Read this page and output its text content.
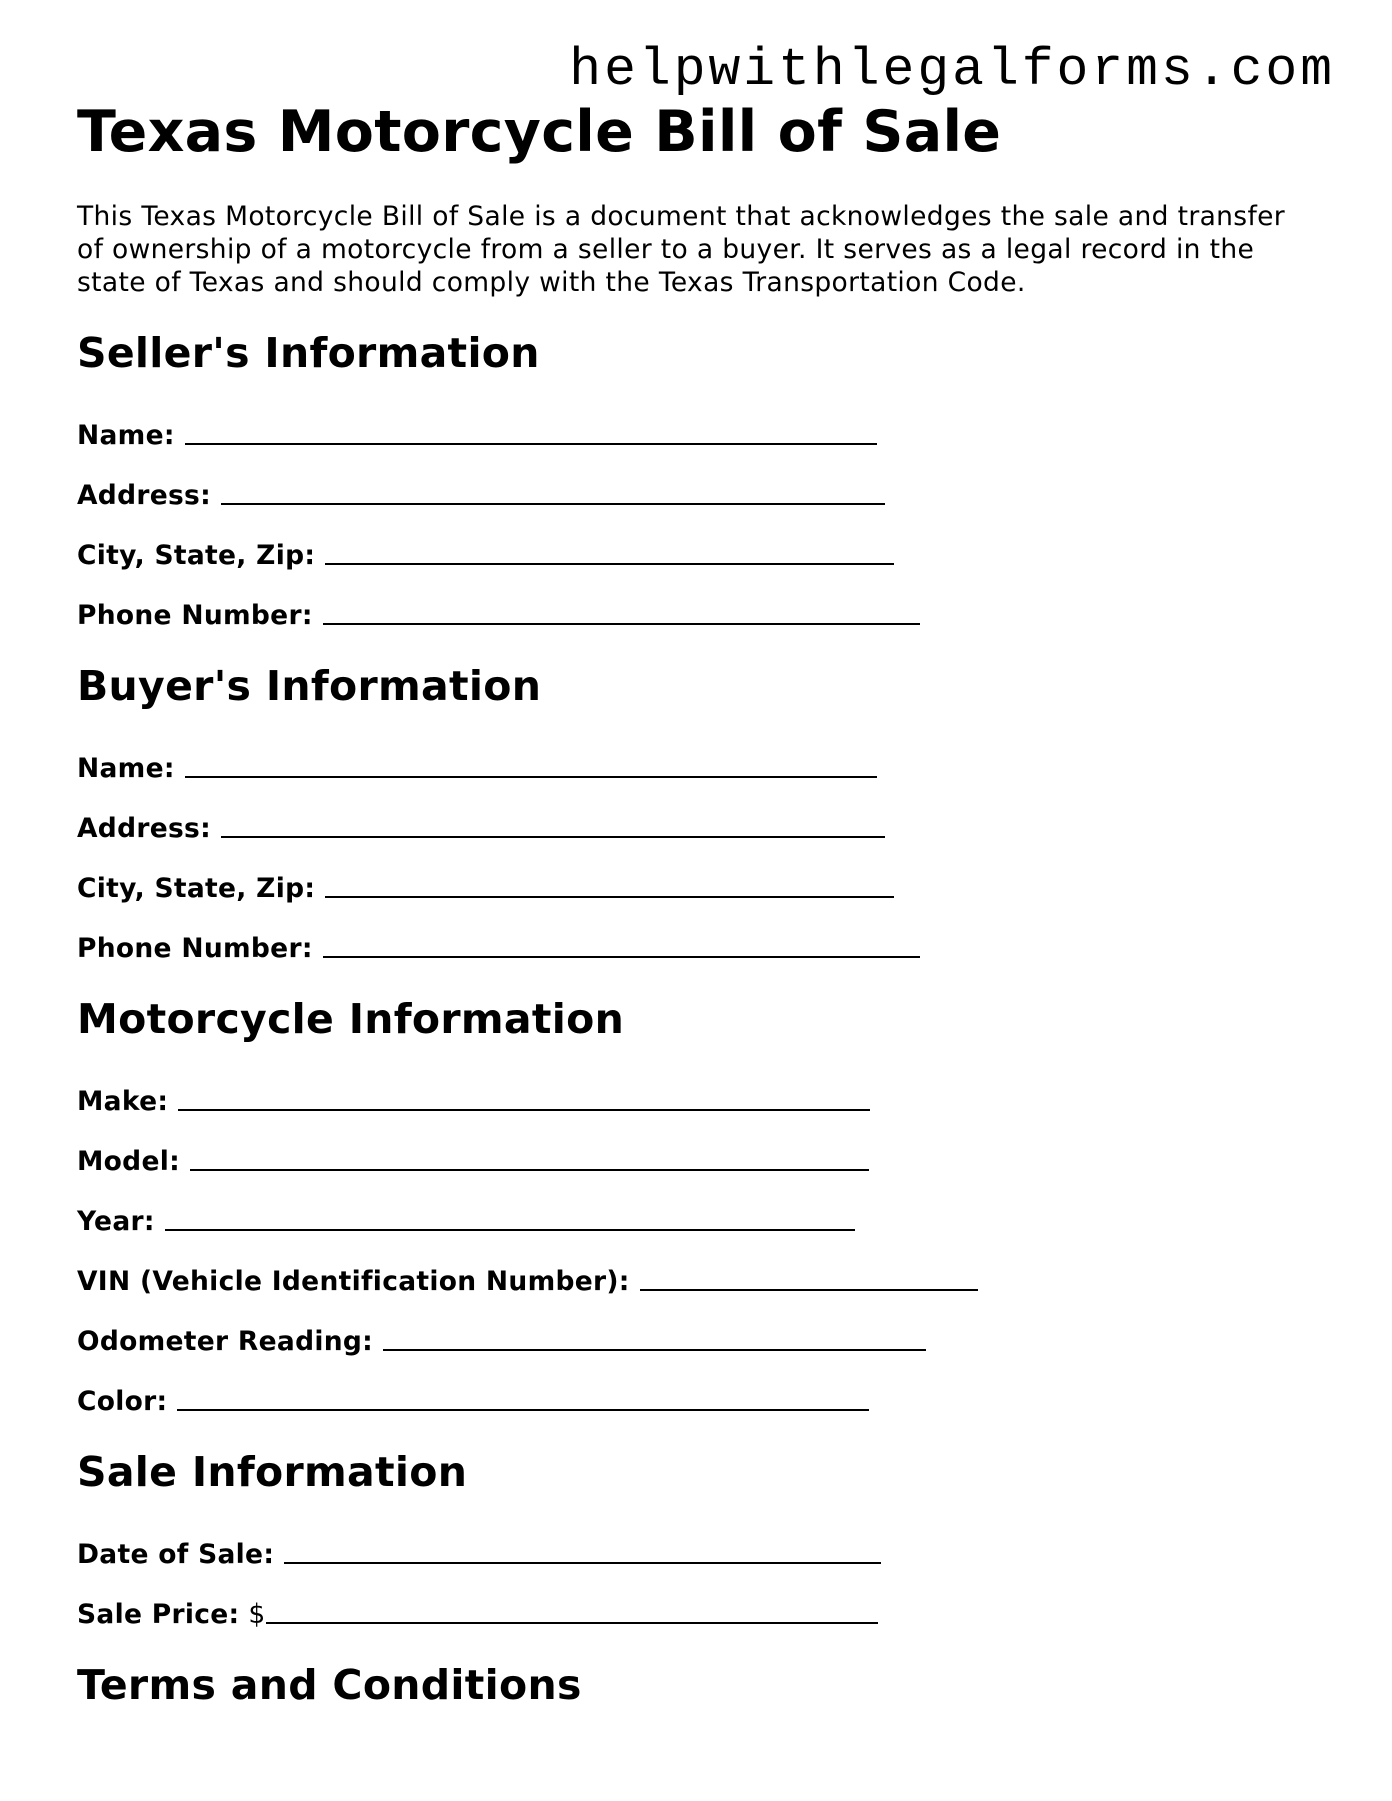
helpwithlegalforms.com
Texas Motorcycle Bill of Sale

This Texas Motorcycle Bill of Sale is a document that acknowledges the sale and transfer of ownership of a motorcycle from a seller to a buyer. It serves as a legal record in the state of Texas and should comply with the Texas Transportation Code.

Seller's Information
Name:
Address:
City, State, Zip:
Phone Number:
Buyer's Information
Name:
Address:
City, State, Zip:
Phone Number:
Motorcycle Information
Make:
Model:
Year:
VIN (Vehicle Identification Number):
Odometer Reading:
Color:
Sale Information
Date of Sale:
Sale Price: $
Terms and Conditions
